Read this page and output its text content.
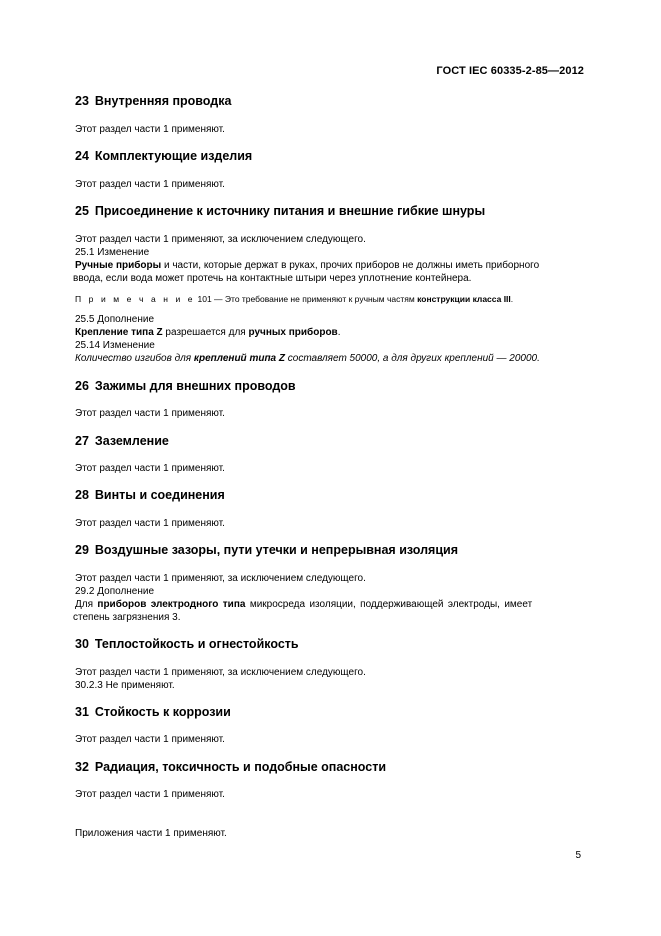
ГОСТ IEC 60335-2-85—2012
23 Внутренняя проводка
Этот раздел части 1 применяют.
24 Комплектующие изделия
Этот раздел части 1 применяют.
25 Присоединение к источнику питания и внешние гибкие шнуры
Этот раздел части 1 применяют, за исключением следующего.
25.1 Изменение
Ручные приборы и части, которые держат в руках, прочих приборов не должны иметь приборного
ввода, если вода может протечь на контактные штыри через уплотнение контейнера.
П р и м е ч а н и е 101 — Это требование не применяют к ручным частям конструкции класса III.
25.5 Дополнение
Крепление типа Z разрешается для ручных приборов.
25.14 Изменение
Количество изгибов для креплений типа Z составляет 50000, а для других креплений — 20000.
26 Зажимы для внешних проводов
Этот раздел части 1 применяют.
27 Заземление
Этот раздел части 1 применяют.
28 Винты и соединения
Этот раздел части 1 применяют.
29 Воздушные зазоры, пути утечки и непрерывная изоляция
Этот раздел части 1 применяют, за исключением следующего.
29.2 Дополнение
Для приборов электродного типа микросреда изоляции, поддерживающей электроды, имеет
степень загрязнения 3.
30 Теплостойкость и огнестойкость
Этот раздел части 1 применяют, за исключением следующего.
30.2.3 Не применяют.
31 Стойкость к коррозии
Этот раздел части 1 применяют.
32 Радиация, токсичность и подобные опасности
Этот раздел части 1 применяют.
Приложения части 1 применяют.
5
